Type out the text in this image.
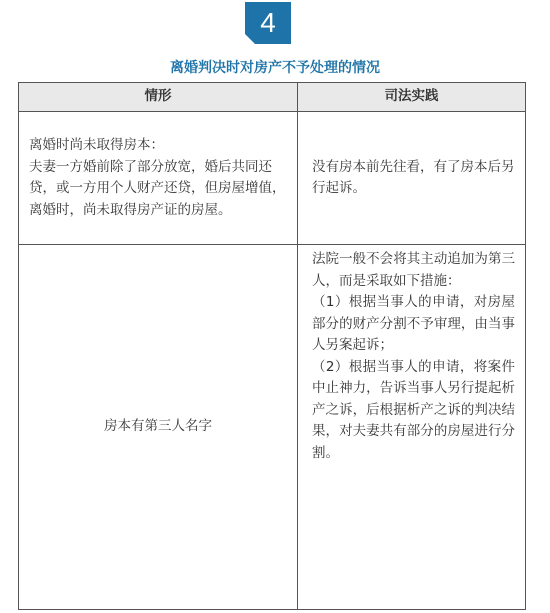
4
离婚判决时对房产不予处理的情况
情形	司法实践

离婚时尚未取得房本：
夫妻一方婚前除了部分放宽，婚后共同还贷，或一方用个人财产还贷，但房屋增值，离婚时，尚未取得房产证的房屋。	没有房本前先往看，有了房本后另行起诉。

房本有第三人名字	法院一般不会将其主动追加为第三人，而是采取如下措施：
（1）根据当事人的申请，对房屋部分的财产分割不予审理，由当事人另案起诉；
（2）根据当事人的申请，将案件中止神力，告诉当事人另行提起析产之诉，后根据析产之诉的判决结果，对夫妻共有部分的房屋进行分割。
